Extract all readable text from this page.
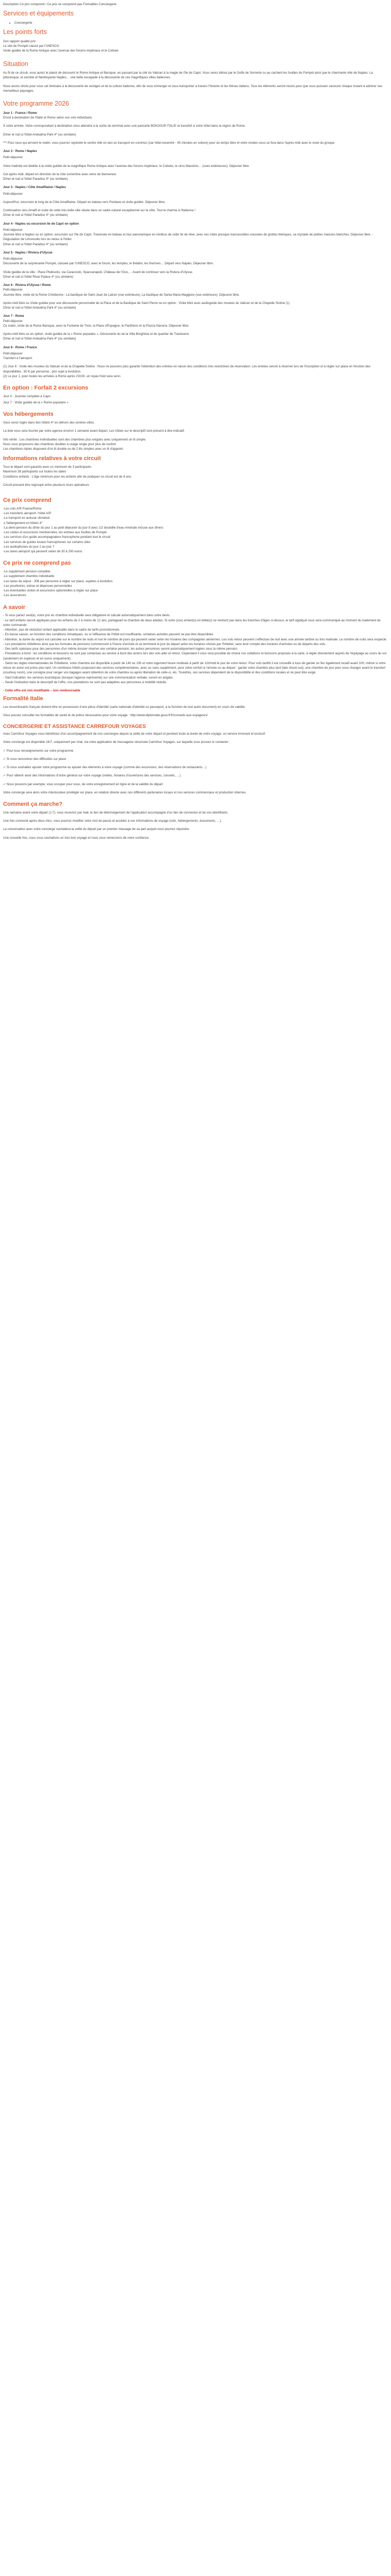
Description Ce prix comprend / Ce prix ne comprend pas Formalités Conciergerie

Services et équipements
• Conciergerie
Les points forts

Son rapport qualité prix

Le site de Pompéi classé par l'UNESCO

Visite guidée de la Rome Antique avec l'avenue des forums impériaux et le Colisée

Situation

Au fil de ce circuit, vous aurez le plaisir de découvrir le Rome Antique et Baroque, en passant par la cité du Vatican à la magie de l'île de Capri. Vous serez ébloui par le Golfe de Sorrente ou au cachent les fouilles de Pompéi ainsi que le charmante ville de Naples. La pittoresque, et secrète et flamboyante Naples… une belle escapade à la découverte de ces magnifiques villes italiennes.

Nous avons choisi pour vous cet itinéraire à la découverte de vestiges et de la culture italienne, afin de vous immerger et vous transporter à travers l'histoire et les thèses italiens. Tous les éléments seront réunis pour que vous puissiez savourer chaque instant à admirer ses merveilleux paysages.

Votre programme 2026

Jour 1 - France / Rome

Envol à destination de l'Italie et Rome selon vos vols individuels.

À votre arrivée, Votre correspondant à destination vous attendra à la sortie du terminal avec une pancarte BONJOUR ITALIE et transfert à votre hôtel dans la région de Rome.

Dîner et nuit à l'hôtel Ardeatina Park 4* (ou similaire)

*** Pour ceux qui arrivent le matin, vous pourrez rejoindre le centre ville en taxi ou transport en commun (car hôtel excentré - 45 minutes en voiture) pour du temps libre et votre rendez-vous se fera dans l'après-midi avec le reste du groupe.

Jour 2 - Rome / Naples

Petit-déjeuner

Votre matinée est dédiée à la visite guidée de la magnifique Rome Antique avec l'avenue des forums impériaux, le Colisée, le circo Massimo… (vues extérieures). Déjeuner libre.

Cet après-midi, départ en direction de la côte sorrentine avec verre de bienvenue.

Dîner et nuit à l'hôtel Paradiso 4* (ou similaire)

Jour 3 - Naples / Côte Amalfitaine / Naples

Petit-déjeuner

Aujourd'hui, excursion le long de la Côte Amalfitaine. Départ en bateau vers Positano et visite guidée. Déjeuner libre.

Continuation vers Amalfi et visite de cette très belle ville située dans un cadre naturel exceptionnel sur la côte. Tout le charme à l'italienne !

Dîner et nuit à l'hôtel Paradiso 4* (ou similaire)

Jour 4 - Naples ou excursion île de Capri en option

Petit-déjeuner

Journée libre à Naples ou en option, excursion sur l'île de Capri. Traversée en bateau et tour panoramique en minibus de cette île de rêve, avec ses côtes presque inaccessibles creusées de grottes féeriques, sa myriade de petites maisons blanches. Déjeuner libre. - Dégustation de Limoncello lors du retour à l'hôtel.

Dîner et nuit à l'hôtel Paradiso 4* (ou similaire)

Jour 5 - Naples / Riviera d'Ulysse

Petit-déjeuner

Découverte de la surprenante Pompéi, classée par l'UNESCO, avec le forum, les temples, le théâtre, les thermes… Départ vers Naples. Déjeuner libre.

Visite guidée de la ville : Place Plebiscito, via Caracciolo, Spaccanapoli, Château de l'Ovo,… Avant de continuer vers la Riviera d'Ulysse.

Dîner et nuit à l'hôtel Rivar Palace 4* (ou similaire)

Jour 6 - Riviera d'Ulysse / Rome

Petit-déjeuner

Journée libre, visite de la Rome Chrétienne : La basilique de Saint Jean de Latran (vue extérieure), La basilique de Santa Maria Maggiore (vue extérieure). Déjeuner libre.

Après-midi libre ou Visite guidée pour une découverte personnelle de la Place et de la Basilique de Saint Pierre ou en option : Visite libre avec audioguide des musées du Vatican et de la Chapelle Sixtine (1)

Dîner et nuit à l'hôtel Ardeatina Park 4* (ou similaire)

Jour 7 - Rome

Petit-déjeuner

Ce matin, visite de la Rome Baroque, avec la Fontaine de Trevi, la Place d'Espagne, le Panthéon et la Piazza Navona. Déjeuner libre.

Après-midi libre ou en option, visite guidée de la « Rome populaire ». Découverte du de la Villa Borghèse et du quartier de Trastevere.

Dîner et nuit à l'hôtel Ardeatina Park 4* (ou similaire)

Jour 8 - Rome / France

Petit-déjeuner

Transfert à l'aéroport

(1) Jour 6 : Visite des musées du Vatican et de la Chapelle Sixtine : Nous ne pouvons plus garantir l'obtention des entrées en raison des conditions très restrictives de réservation. Les entrées seront à réserver lors de l'inscription et à régler sur place en fonction des disponibilités : 60 € par personne ; prix sujet à évolution

(2) Le jour 1, pour toutes les arrivées à Rome après 21h30, un repas froid sera servi.

En option : Forfait 2 excursions

Jour 4 : Journée complète à Capri

Jour 7 : Visite guidée de la « Rome populaire »

Vos hébergements

Vous serez logés dans des hôtels 4* en dehors des centres-villes.

La liste vous sera fournie par votre agence environ 1 semaine avant départ. Les hôtels sur le descriptif sont présent à titre indicatif.

Info vérité : Les chambres individuelles sont des chambres plus exiguës avec uniquement un lit simple.

Nous vous proposons des chambres doubles à usage single pour plus de confort.

Les chambres triples disposent d'un lit double ou de 2 lits simples avec un lit d'appoint.

Informations relatives à votre circuit

Tous le départ sont garantis avec un minimum de 3 participants.

Maximum 38 participants sur toutes les dates

Conditions enfants : L'âge minimum pour les enfants afin de pratiquer ce circuit est de 8 ans.

Circuit pouvant être regroupé entre plusieurs tours opérateurs

Ce prix comprend

-Les vols A/R France/Rome

-Les transferts aéroport / hôtel A/R

-Le transport en autocar climatisé

-L'hébergement en hôtels 4*

-La demi-pension du dîner du jour 1 au petit déjeuner du jour 8 avec 1/2 bouteille d'eau minérale incluse aux dîners

-Les visites et excursions mentionnées, les entrées aux fouilles de Pompéi

-Les services d'un guide accompagnateur francophone pendant tout le circuit

-Les services de guides locaux francophones sur certains sites

-Les audiophones du jour 2 au jour 7

-Les taxes aéroport qui peuvent varier de 30 à 200 euros

Ce prix ne comprend pas

-Le supplément pension complète

-Le supplément chambre individuelle

-Les taxes de séjour : 30€ par personne à régler sur place, sujettes à évolution

-Les pourboires, extras et dépenses personnelles

-Les éventuelles visites et excursions optionnelles à régler sur place

-Les assurances

A savoir

- Si vous partez seul(e), votre prix en chambre individuelle sera obligatoire et calculé automatiquement dans votre devis.

- Le tarif enfants seront appliqués pour les enfants de 2 à moins de 12 ans, partageant la chambre de deux adultes. Si votre (vos) enfant(s) en bébé(s) ne rentrent pas dans les tranches d'âges ci-dessus, le tarif appliqué vous sera communiqué au moment du traitement de votre commande.

- Attention, pas de réduction enfant applicable dans le cadre de tarifs promotionnels.

- En basse saison, en fonction des conditions climatiques, ou si l'affluence de l'hôtel est insuffisante, certaines activités peuvent ne pas être disponibles.

- Attention, la durée du séjour est calculée sur le nombre de nuits et non le nombre de jours qui peuvent varier selon les horaires des compagnies aériennes. Les vols retour peuvent s'effectuer de nuit avec une arrivée tardive ou très matinale. Le nombre de nuits sera respecté.

- Les prestations hôtelières ainsi que les formules de pensions commencent à l'heure d'arrivée et se terminent le jour du départ selon les horaires choisis par l'hôtelier, sans tenir compte des horaires d'arrivées ou de départs des vols.

- Des tarifs spéciaux pour des personnes d'un même dossier réserve une certaine pension, les autres personnes seront automatiquement logées sous la même pension.

- Prestations à bord : les conditions et boissons ne sont pas comprises au service à bord des avions lors des vols aller et retour. Cependant il vous sera possible de choisir vos collations et boissons proposés à la carte, à régler directement auprès de l'équipage au cours du vol (seulement en espèces et en euros uniquement).

- Selon les règles internationales de l'hôtellerie, votre chambre est disponible à partir de 14h ou 15h et votre logement heure restituée à partir de 11h/midi le jour de votre retour. Pour vols tardifs il est conseillé à tous de garder un fier également locatif avant 10h, même si votre retour en avion est prévu plus tard. Un nombreux hôtels proposent des services complémentaires, avec ou sans supplément, pour votre confort à l'arrivée ou au départ : garder votre chambre plus tard (late check-out), une chambre de jour pour vous changer avant le transfert (courtesy room), une consigne pour ranger vos bagages avant obtention de votre chambre ou après libération de celle-ci, etc. Toutefois, ces services dépendent de la disponibilité et des conditions locales et ne peut être exigé.

- Sauf indication, les services touristiques (lorsque l'agence représente) sur une communication verbale, seront en anglais.

- Seule l'indication dans le descriptif de l'offre, nos prestations ne sont pas adaptées aux personnes à mobilité réduite.

- Cette offre est non modifiable – non remboursable

Formalité Italie

Les ressortissants français doivent être en possession d'une pièce d'identité (carte nationale d'identité ou passeport, à la fonction de tout autre document) en cours de validité.

Vous pouvez consulter les formalités de santé et de police nécessaires pour votre voyage : http://www.diplomatie.gouv.fr/fr/conseils-aux-voyageurs/

CONCIERGERIE ET ASSISTANCE CARREFOUR VOYAGES

Avec Carrefour Voyages vous bénéficiez d'un accompagnement de nos concierges depuis la veille de votre départ et pendant toute la durée de votre voyage, un service innovant et exclusif.

Votre concierge est disponible 24/7, uniquement par chat, via votre application de messagerie sécurisée Carrefour Voyages, sur laquelle vous pouvez le contacter :

✓ Pour tous renseignements sur votre programme

✓ Si vous rencontrez des difficultés sur place

✓ Si vous souhaitez ajouter votre programme ou ajouter des éléments à votre voyage (comme des excursions, des réservations de restaurants…)

✓ Pour obtenir avoir des informations d'ordre général sur votre voyage (météo, horaires d'ouvertures des services, conseils, …)

✓ Nous pouvons par exemple, vous occuper pour vous, de votre enregistrement en ligne et de la validité du départ

Votre concierge sera alors votre interlocuteur privilégié sur place, en relation directe avec nos différents partenaires locaux et nos services commerciaux et production internes.

Comment ça marche?

Une semaine avant votre départ (J-7), vous recevrez par mail, le lien de téléchargement de l'application accompagné d'un lien de connexion et de vos identifiants.

Une fois connecté après deux clics, vous pourrez modifier votre mot de passe et accéder à vos informations de voyage (vols, hébergements, documents, …).

La conversation avec votre concierge souhaitera la veille du départ par un premier message de sa part auquel vous pourrez répondre.

Une nouvelle fois, nous vous souhaitons un très bon voyage et nous vous remercions de votre confiance.
